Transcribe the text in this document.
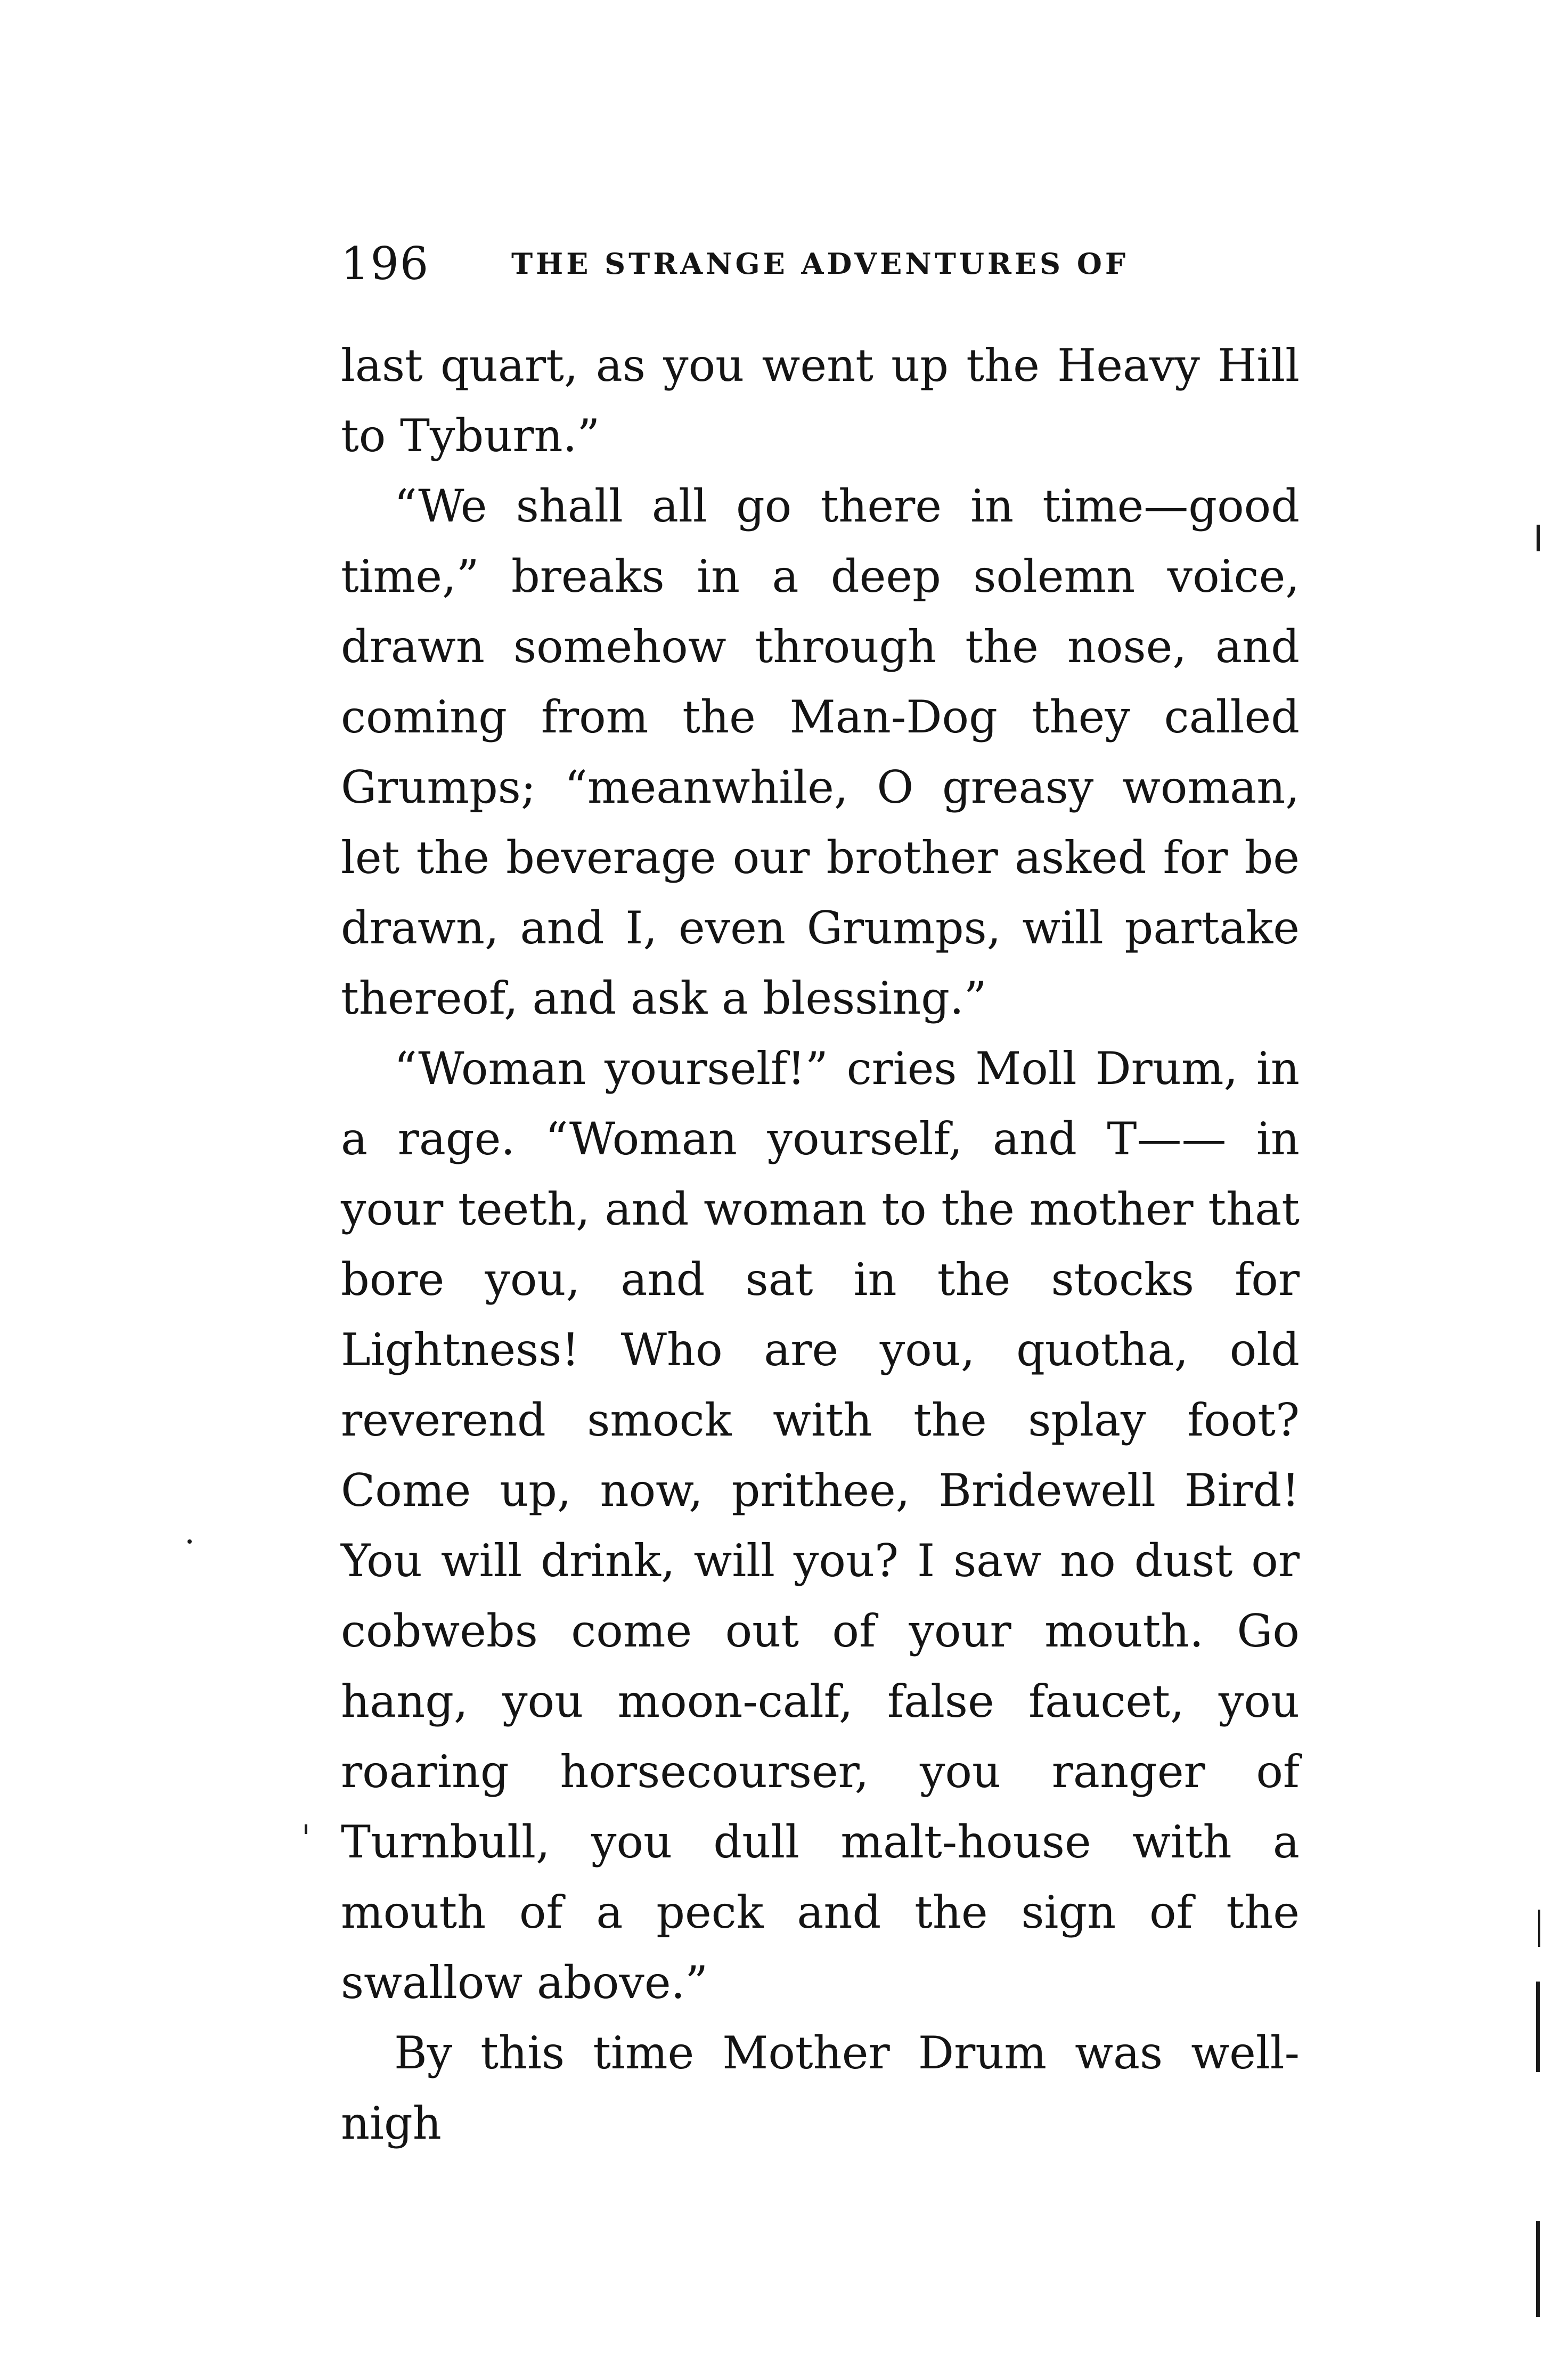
196	THE STRANGE ADVENTURES OF

last quart, as you went up the Heavy Hill to Tyburn.”

“We shall all go there in time—good time,” breaks in a deep solemn voice, drawn somehow through the nose, and coming from the Man-Dog they called Grumps; “meanwhile, O greasy woman, let the beverage our brother asked for be drawn, and I, even Grumps, will partake thereof, and ask a blessing.”

“Woman yourself!” cries Moll Drum, in a rage. “Woman yourself, and T—— in your teeth, and woman to the mother that bore you, and sat in the stocks for Lightness! Who are you, quotha, old reverend smock with the splay foot? Come up, now, prithee, Bridewell Bird! You will drink, will you? I saw no dust or cobwebs come out of your mouth. Go hang, you moon-calf, false faucet, you roaring horsecourser, you ranger of Turnbull, you dull malt-house with a mouth of a peck and the sign of the swallow above.”

By this time Mother Drum was well-nigh
